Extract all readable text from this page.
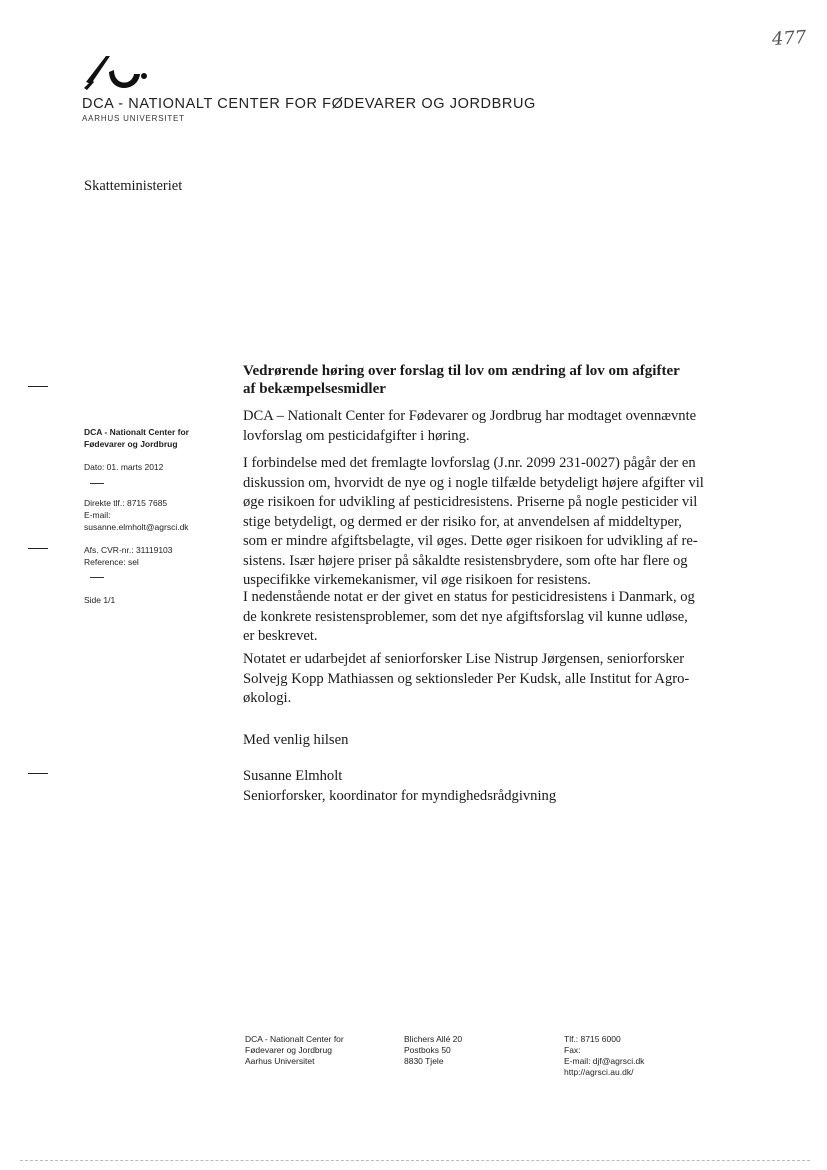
477
DCA - NATIONALT CENTER FOR FØDEVARER OG JORDBRUG
AARHUS UNIVERSITET
Skatteministeriet
DCA - Nationalt Center for
Fødevarer og Jordbrug
Dato: 01. marts 2012
Direkte tlf.: 8715 7685
E-mail:
susanne.elmholt@agrsci.dk
Afs. CVR-nr.: 31119103
Reference: sel
Side 1/1
Vedrørende høring over forslag til lov om ændring af lov om afgifter
af bekæmpelsesmidler
DCA – Nationalt Center for Fødevarer og Jordbrug har modtaget ovennævnte
lovforslag om pesticidafgifter i høring.
I forbindelse med det fremlagte lovforslag (J.nr. 2099 231-0027) pågår der en
diskussion om, hvorvidt de nye og i nogle tilfælde betydeligt højere afgifter vil
øge risikoen for udvikling af pesticidresistens. Priserne på nogle pesticider vil
stige betydeligt, og dermed er der risiko for, at anvendelsen af middeltyper,
som er mindre afgiftsbelagte, vil øges. Dette øger risikoen for udvikling af re-
sistens. Især højere priser på såkaldte resistensbrydere, som ofte har flere og
uspecifikke virkemekanismer, vil øge risikoen for resistens.
I nedenstående notat er der givet en status for pesticidresistens i Danmark, og
de konkrete resistensproblemer, som det nye afgiftsforslag vil kunne udløse,
er beskrevet.
Notatet er udarbejdet af seniorforsker Lise Nistrup Jørgensen, seniorforsker
Solvejg Kopp Mathiassen og sektionsleder Per Kudsk, alle Institut for Agro-
økologi.
Med venlig hilsen
Susanne Elmholt
Seniorforsker, koordinator for myndighedsrådgivning
DCA - Nationalt Center for
Fødevarer og Jordbrug
Aarhus Universitet
Blichers Allé 20
Postboks 50
8830 Tjele
Tlf.: 8715 6000
Fax:
E-mail: djf@agrsci.dk
http://agrsci.au.dk/
